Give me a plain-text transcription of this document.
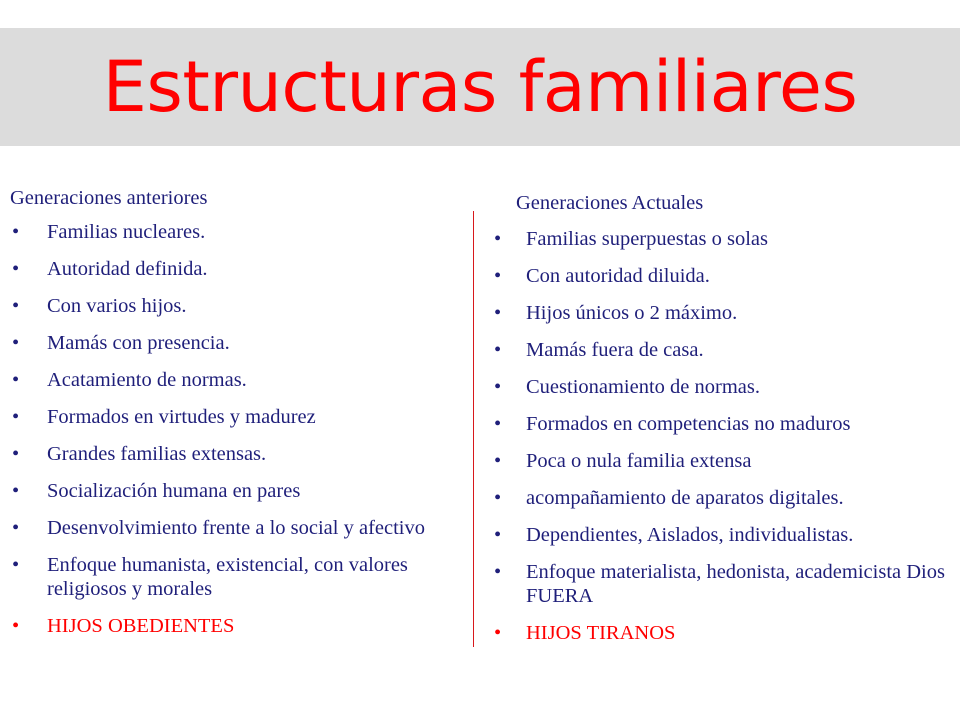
Estructuras familiares
Generaciones anteriores
•	Familias nucleares.
•	Autoridad definida.
•	Con varios hijos.
•	Mamás con presencia.
•	Acatamiento de normas.
•	Formados en virtudes y madurez
•	Grandes familias extensas.
•	Socialización humana en pares
•	Desenvolvimiento frente a lo social y afectivo
•	Enfoque humanista, existencial, con valores religiosos y morales
•	HIJOS OBEDIENTES
Generaciones Actuales
•	Familias superpuestas o solas
•	Con autoridad diluida.
•	Hijos únicos o 2 máximo.
•	Mamás fuera de casa.
•	Cuestionamiento de normas.
•	Formados en competencias no maduros
•	Poca o nula familia extensa
•	acompañamiento de aparatos digitales.
•	Dependientes, Aislados, individualistas.
•	Enfoque materialista, hedonista, academicista Dios FUERA
•	HIJOS TIRANOS
